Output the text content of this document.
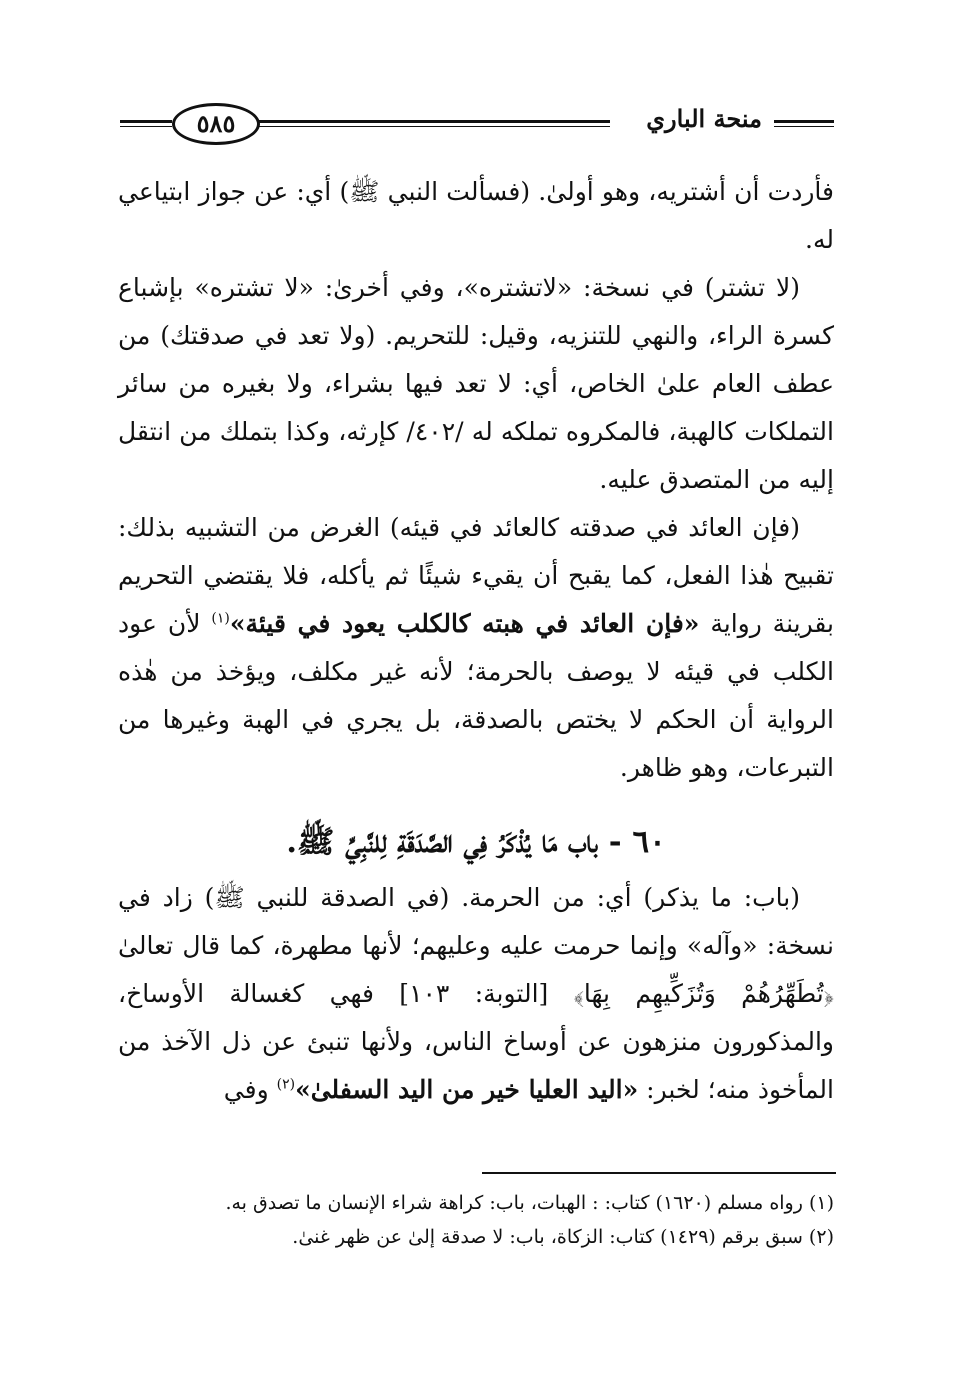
منحة الباري
٥٨٥

فأردت أن أشتريه، وهو أولىٰ. (فسألت النبي ﷺ) أي: عن جواز ابتياعي له.

(لا تشتر) في نسخة: «لاتشتره»، وفي أخرىٰ: «لا تشتره» بإشباع كسرة الراء، والنهي للتنزيه، وقيل: للتحريم. (ولا تعد في صدقتك) من عطف العام علىٰ الخاص، أي: لا تعد فيها بشراء، ولا بغيره من سائر التملكات كالهبة، فالمكروه تملكه له /٤٠٢/ كإرثه، وكذا بتملك من انتقل إليه من المتصدق عليه.

(فإن العائد في صدقته كالعائد في قيئه) الغرض من التشبيه بذلك: تقبيح هٰذا الفعل، كما يقبح أن يقيء شيئًا ثم يأكله، فلا يقتضي التحريم بقرينة رواية «فإن العائد في هبته كالكلب يعود في قيئة»$^{(١)}$ لأن عود الكلب في قيئه لا يوصف بالحرمة؛ لأنه غير مكلف، ويؤخذ من هٰذه الرواية أن الحكم لا يختص بالصدقة، بل يجري في الهبة وغيرها من التبرعات، وهو ظاهر.

٦٠ - باب مَا يُذْكَرُ فِي الصَّدَقَةِ لِلنَّبِيِّ ﷺ.

(باب: ما يذكر) أي: من الحرمة. (في الصدقة للنبي ﷺ) زاد في نسخة: «وآله» وإنما حرمت عليه وعليهم؛ لأنها مطهرة، كما قال تعالىٰ ﴿تُطَهِّرُهُمْ وَتُزَكِّيهِم بِهَا﴾ [التوبة: ١٠٣] فهي كغسالة الأوساخ، والمذكورون منزهون عن أوساخ الناس، ولأنها تنبئ عن ذل الآخذ من المأخوذ منه؛ لخبر: «اليد العليا خير من اليد السفلىٰ»$^{(٢)}$ وفي

(١) رواه مسلم (١٦٢٠) كتاب: : الهبات، باب: كراهة شراء الإنسان ما تصدق به.
(٢) سبق برقم (١٤٢٩) كتاب: الزكاة، باب: لا صدقة إلىٰ عن ظهر غنىٰ.
